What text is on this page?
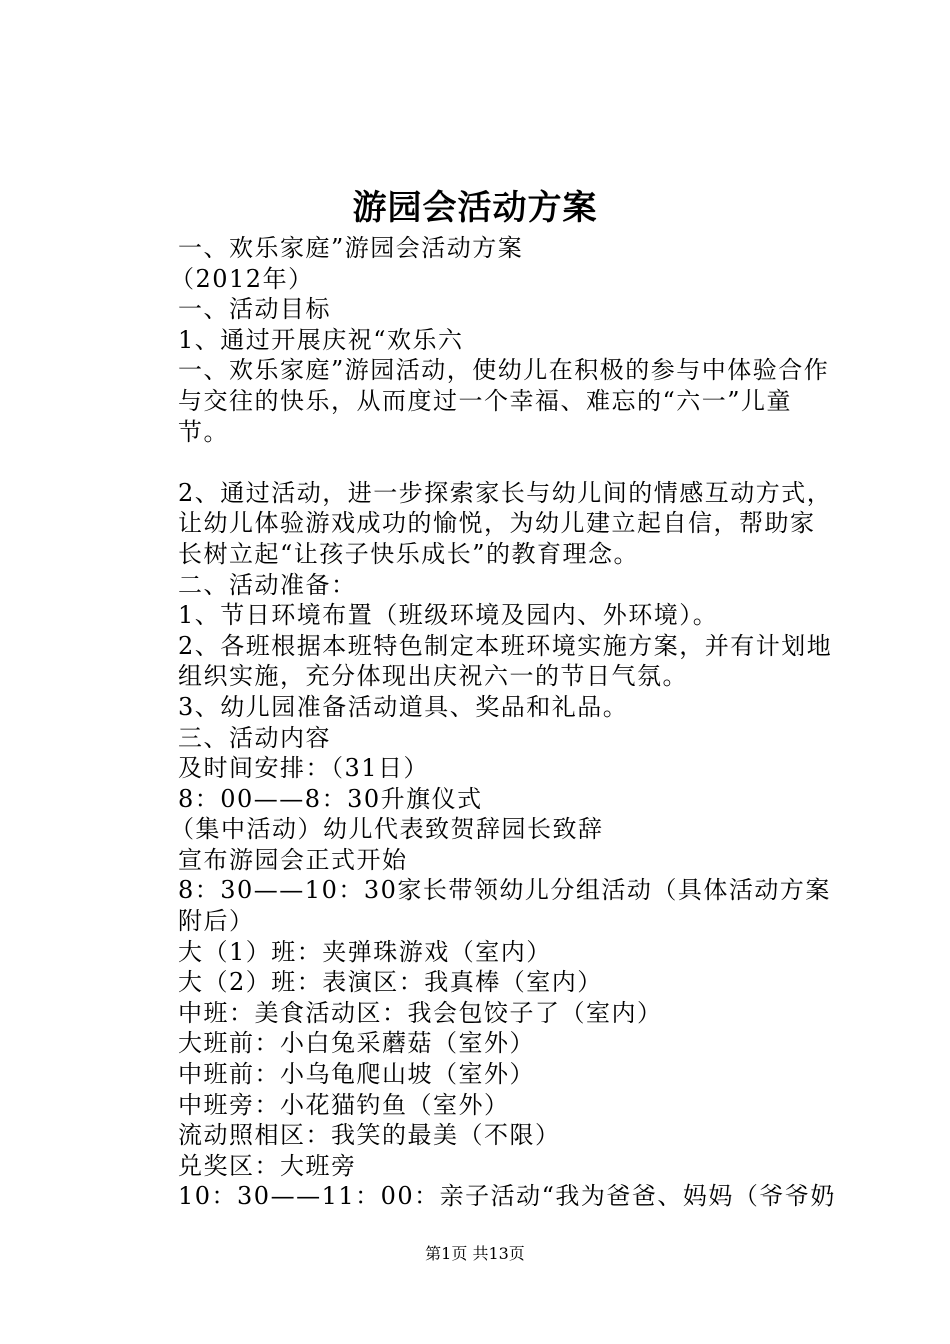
游园会活动方案

一、欢乐家庭”游园会活动方案

（2012年）

一、活动目标

1、通过开展庆祝“欢乐六

一、欢乐家庭”游园活动，使幼儿在积极的参与中体验合作与交往的快乐，从而度过一个幸福、难忘的“六一”儿童节。

2、通过活动，进一步探索家长与幼儿间的情感互动方式，让幼儿体验游戏成功的愉悦，为幼儿建立起自信，帮助家长树立起“让孩子快乐成长”的教育理念。

二、活动准备：

1、节日环境布置（班级环境及园内、外环境）。

2、各班根据本班特色制定本班环境实施方案，并有计划地组织实施，充分体现出庆祝六一的节日气氛。

3、幼儿园准备活动道具、奖品和礼品。

三、活动内容

及时间安排：（31日）

8：00——8：30升旗仪式

（集中活动）幼儿代表致贺辞园长致辞

宣布游园会正式开始

8：30——10：30家长带领幼儿分组活动（具体活动方案附后）

大（1）班：夹弹珠游戏（室内）

大（2）班：表演区：我真棒（室内）

中班：美食活动区：我会包饺子了（室内）

大班前：小白兔采蘑菇（室外）

中班前：小乌龟爬山坡（室外）

中班旁：小花猫钓鱼（室外）

流动照相区：我笑的最美（不限）

兑奖区：大班旁

10：30——11：00：亲子活动“我为爸爸、妈妈（爷爷奶

第1页 共13页
